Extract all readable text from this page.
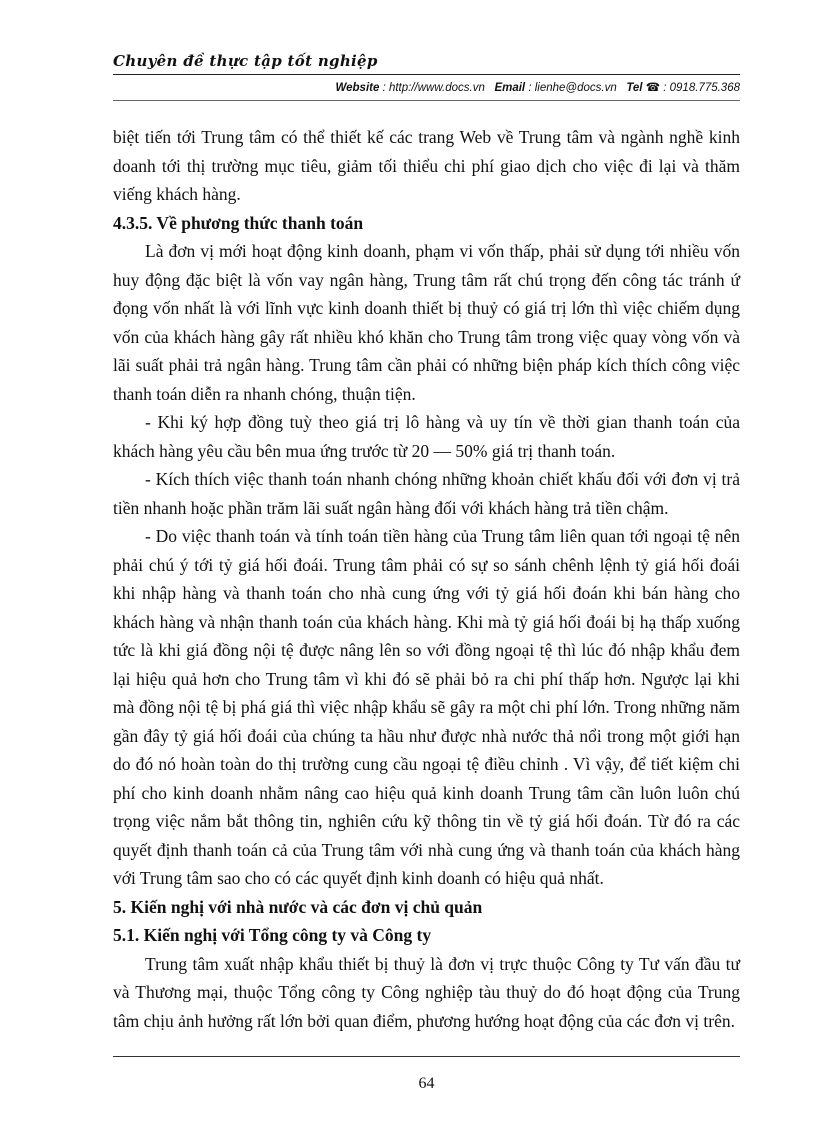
Chuyên đề thực tập tốt nghiệp
Website : http://www.docs.vn Email : lienhe@docs.vn Tel ☎ : 0918.775.368

biệt tiến tới Trung tâm có thể thiết kế các trang Web về Trung tâm và ngành nghề kinh doanh tới thị trường mục tiêu, giảm tối thiểu chi phí giao dịch cho việc đi lại và thăm viếng khách hàng.

4.3.5. Về phương thức thanh toán

Là đơn vị mới hoạt động kinh doanh, phạm vi vốn thấp, phải sử dụng tới nhiều vốn huy động đặc biệt là vốn vay ngân hàng, Trung tâm rất chú trọng đến công tác tránh ứ đọng vốn nhất là với lĩnh vực kinh doanh thiết bị thuỷ có giá trị lớn thì việc chiếm dụng vốn của khách hàng gây rất nhiều khó khăn cho Trung tâm trong việc quay vòng vốn và lãi suất phải trả ngân hàng. Trung tâm cần phải có những biện pháp kích thích công việc thanh toán diễn ra nhanh chóng, thuận tiện.

- Khi ký hợp đồng tuỳ theo giá trị lô hàng và uy tín về thời gian thanh toán của khách hàng yêu cầu bên mua ứng trước từ 20 — 50% giá trị thanh toán.

- Kích thích việc thanh toán nhanh chóng những khoản chiết khấu đối với đơn vị trả tiền nhanh hoặc phần trăm lãi suất ngân hàng đối với khách hàng trả tiền chậm.

- Do việc thanh toán và tính toán tiền hàng của Trung tâm liên quan tới ngoại tệ nên phải chú ý tới tỷ giá hối đoái. Trung tâm phải có sự so sánh chênh lệnh tỷ giá hối đoái khi nhập hàng và thanh toán cho nhà cung ứng với tỷ giá hối đoán khi bán hàng cho khách hàng và nhận thanh toán của khách hàng. Khi mà tỷ giá hối đoái bị hạ thấp xuống tức là khi giá đồng nội tệ được nâng lên so với đồng ngoại tệ thì lúc đó nhập khẩu đem lại hiệu quả hơn cho Trung tâm vì khi đó sẽ phải bỏ ra chi phí thấp hơn. Ngược lại khi mà đồng nội tệ bị phá giá thì việc nhập khẩu sẽ gây ra một chi phí lớn. Trong những năm gần đây tỷ giá hối đoái của chúng ta hầu như được nhà nước thả nổi trong một giới hạn do đó nó hoàn toàn do thị trường cung cầu ngoại tệ điều chỉnh . Vì vậy, để tiết kiệm chi phí cho kinh doanh nhằm nâng cao hiệu quả kinh doanh Trung tâm cần luôn luôn chú trọng việc nắm bắt thông tin, nghiên cứu kỹ thông tin về tỷ giá hối đoán. Từ đó ra các quyết định thanh toán cả của Trung tâm với nhà cung ứng và thanh toán của khách hàng với Trung tâm sao cho có các quyết định kinh doanh có hiệu quả nhất.

5. Kiến nghị với nhà nước và các đơn vị chủ quản
5.1. Kiến nghị với Tổng công ty và Công ty

Trung tâm xuất nhập khẩu thiết bị thuỷ là đơn vị trực thuộc Công ty Tư vấn đầu tư và Thương mại, thuộc Tổng công ty Công nghiệp tàu thuỷ do đó hoạt động của Trung tâm chịu ảnh hưởng rất lớn bởi quan điểm, phương hướng hoạt động của các đơn vị trên.

64
